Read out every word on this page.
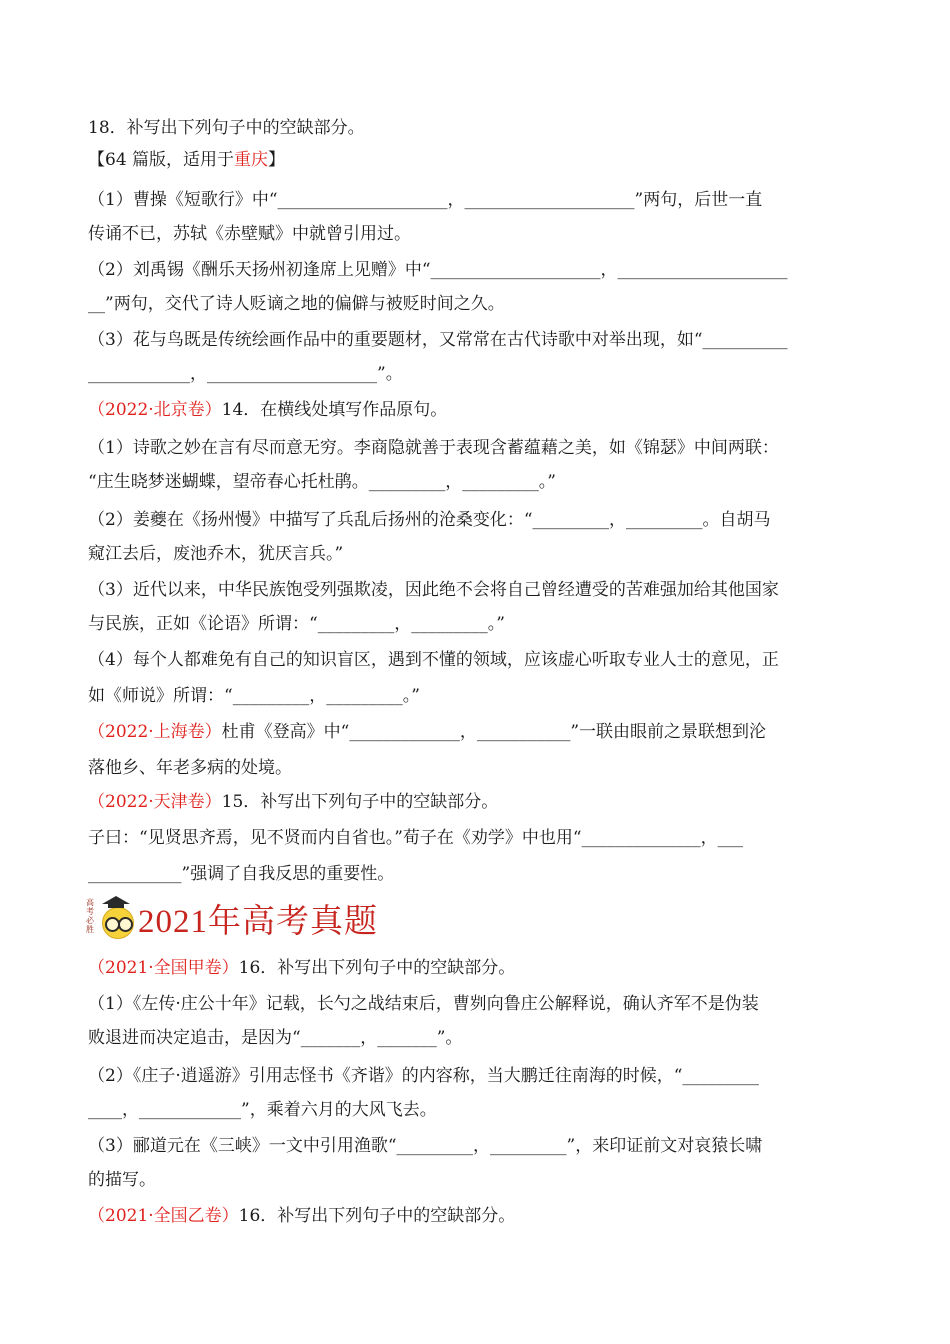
18．补写出下列句子中的空缺部分。
【64 篇版，适用于重庆】
（1）曹操《短歌行》中“____________________，____________________”两句，后世一直
传诵不已，苏轼《赤壁赋》中就曾引用过。
（2）刘禹锡《酬乐天扬州初逢席上见赠》中“____________________，____________________
__”两句，交代了诗人贬谪之地的偏僻与被贬时间之久。
（3）花与鸟既是传统绘画作品中的重要题材，又常常在古代诗歌中对举出现，如“__________
____________，____________________”。
（2022·北京卷）14．在横线处填写作品原句。
（1）诗歌之妙在言有尽而意无穷。李商隐就善于表现含蓄蕴藉之美，如《锦瑟》中间两联：
“庄生晓梦迷蝴蝶，望帝春心托杜鹃。_________，_________。”
（2）姜夔在《扬州慢》中描写了兵乱后扬州的沧桑变化：“_________，_________。自胡马
窥江去后，废池乔木，犹厌言兵。”
（3）近代以来，中华民族饱受列强欺凌，因此绝不会将自己曾经遭受的苦难强加给其他国家
与民族，正如《论语》所谓：“_________，_________。”
（4）每个人都难免有自己的知识盲区，遇到不懂的领域，应该虚心听取专业人士的意见，正
如《师说》所谓：“_________，_________。”
（2022·上海卷）杜甫《登高》中“_____________，___________”一联由眼前之景联想到沦
落他乡、年老多病的处境。
（2022·天津卷）15．补写出下列句子中的空缺部分。
子曰：“见贤思齐焉，见不贤而内自省也。”荀子在《劝学》中也用“______________，___
___________”强调了自我反思的重要性。
（2021·全国甲卷）16．补写出下列句子中的空缺部分。
（1）《左传·庄公十年》记载，长勺之战结束后，曹刿向鲁庄公解释说，确认齐军不是伪装
败退进而决定追击，是因为“_______，_______”。
（2）《庄子·逍遥游》引用志怪书《齐谐》的内容称，当大鹏迁往南海的时候，“_________
____，____________”，乘着六月的大风飞去。
（3）郦道元在《三峡》一文中引用渔歌“_________，_________”，来印证前文对哀猿长啸
的描写。
（2021·全国乙卷）16．补写出下列句子中的空缺部分。
高考必胜 2021年高考真题
